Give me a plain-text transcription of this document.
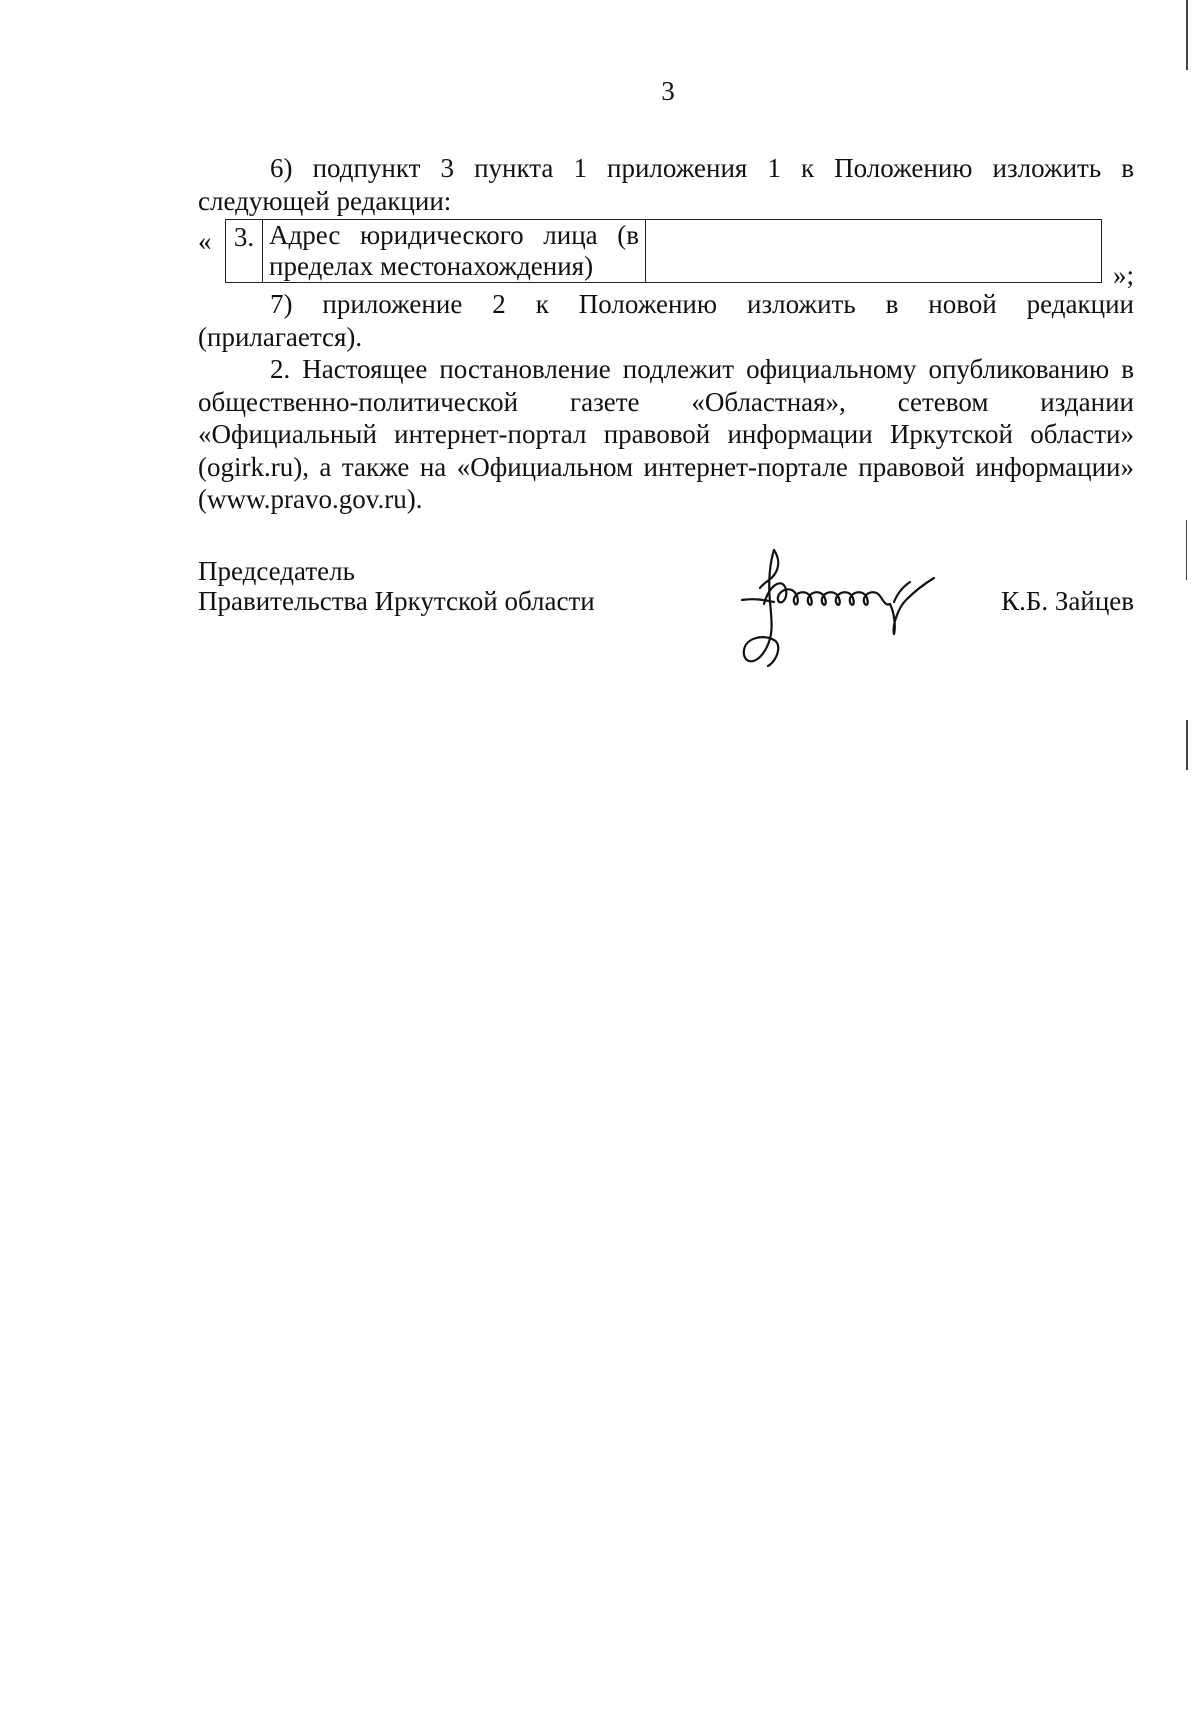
3
6) подпункт 3 пункта 1 приложения 1 к Положению изложить в
следующей редакции:
« 3.	Адрес юридического лица (в
пределах местонахождения)
		»;
7) приложение 2 к Положению изложить в новой редакции
(прилагается).
2. Настоящее постановление подлежит официальному опубликованию в
общественно-политической газете «Областная», сетевом издании
«Официальный интернет-портал правовой информации Иркутской области»
(ogirk.ru), а также на «Официальном интернет-портале правовой информации»
(www.pravo.gov.ru).
Председатель
Правительства Иркутской области	К.Б. Зайцев
